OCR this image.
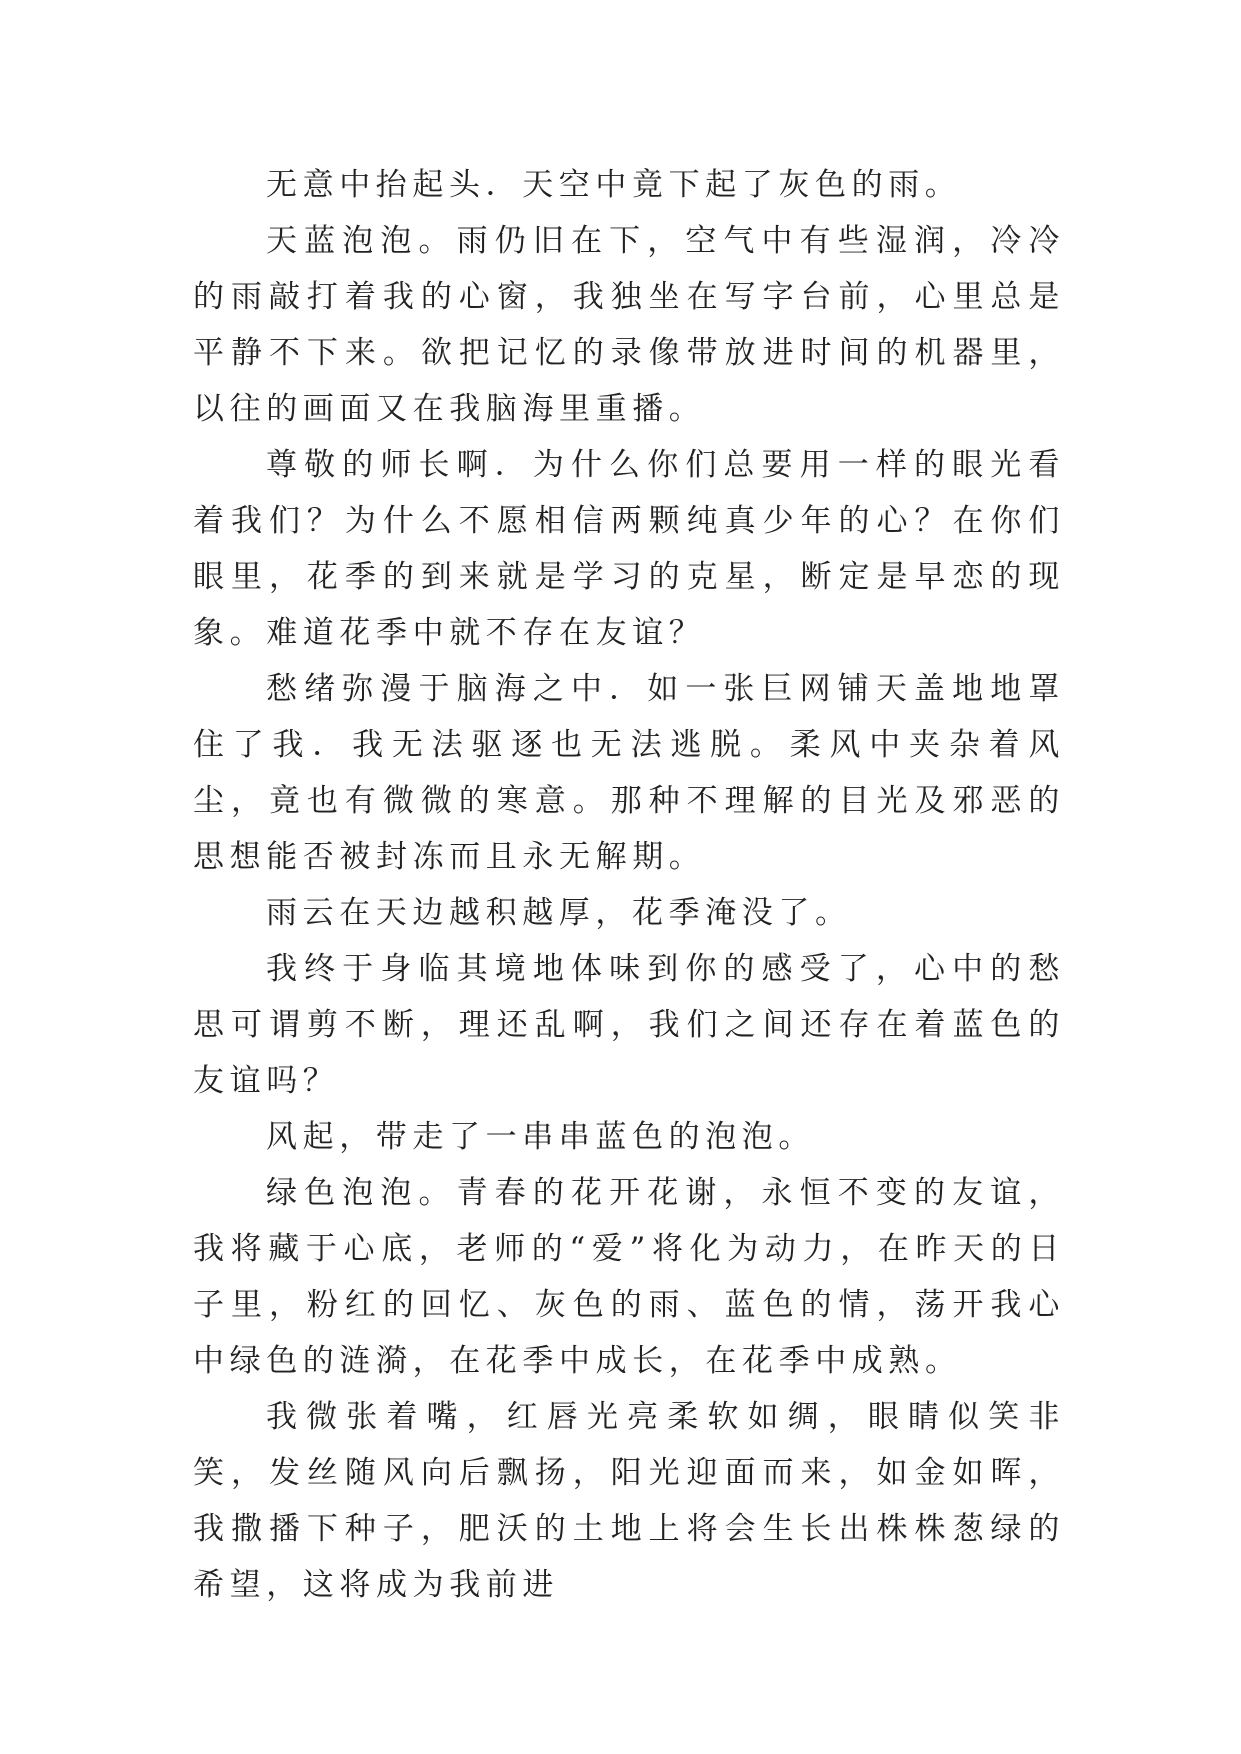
无意中抬起头．天空中竟下起了灰色的雨。

天蓝泡泡。雨仍旧在下，空气中有些湿润，冷冷的雨敲打着我的心窗，我独坐在写字台前，心里总是平静不下来。欲把记忆的录像带放进时间的机器里，以往的画面又在我脑海里重播。

尊敬的师长啊．为什么你们总要用一样的眼光看着我们？为什么不愿相信两颗纯真少年的心？在你们眼里，花季的到来就是学习的克星，断定是早恋的现象。难道花季中就不存在友谊？

愁绪弥漫于脑海之中．如一张巨网铺天盖地地罩住了我．我无法驱逐也无法逃脱。柔风中夹杂着风尘，竟也有微微的寒意。那种不理解的目光及邪恶的思想能否被封冻而且永无解期。

雨云在天边越积越厚，花季淹没了。

我终于身临其境地体味到你的感受了，心中的愁思可谓剪不断，理还乱啊，我们之间还存在着蓝色的友谊吗？

风起，带走了一串串蓝色的泡泡。

绿色泡泡。青春的花开花谢，永恒不变的友谊，我将藏于心底，老师的“爱”将化为动力，在昨天的日子里，粉红的回忆、灰色的雨、蓝色的情，荡开我心中绿色的涟漪，在花季中成长，在花季中成熟。

我微张着嘴，红唇光亮柔软如绸，眼睛似笑非笑，发丝随风向后飘扬，阳光迎面而来，如金如晖，我撒播下种子，肥沃的土地上将会生长出株株葱绿的希望，这将成为我前进
